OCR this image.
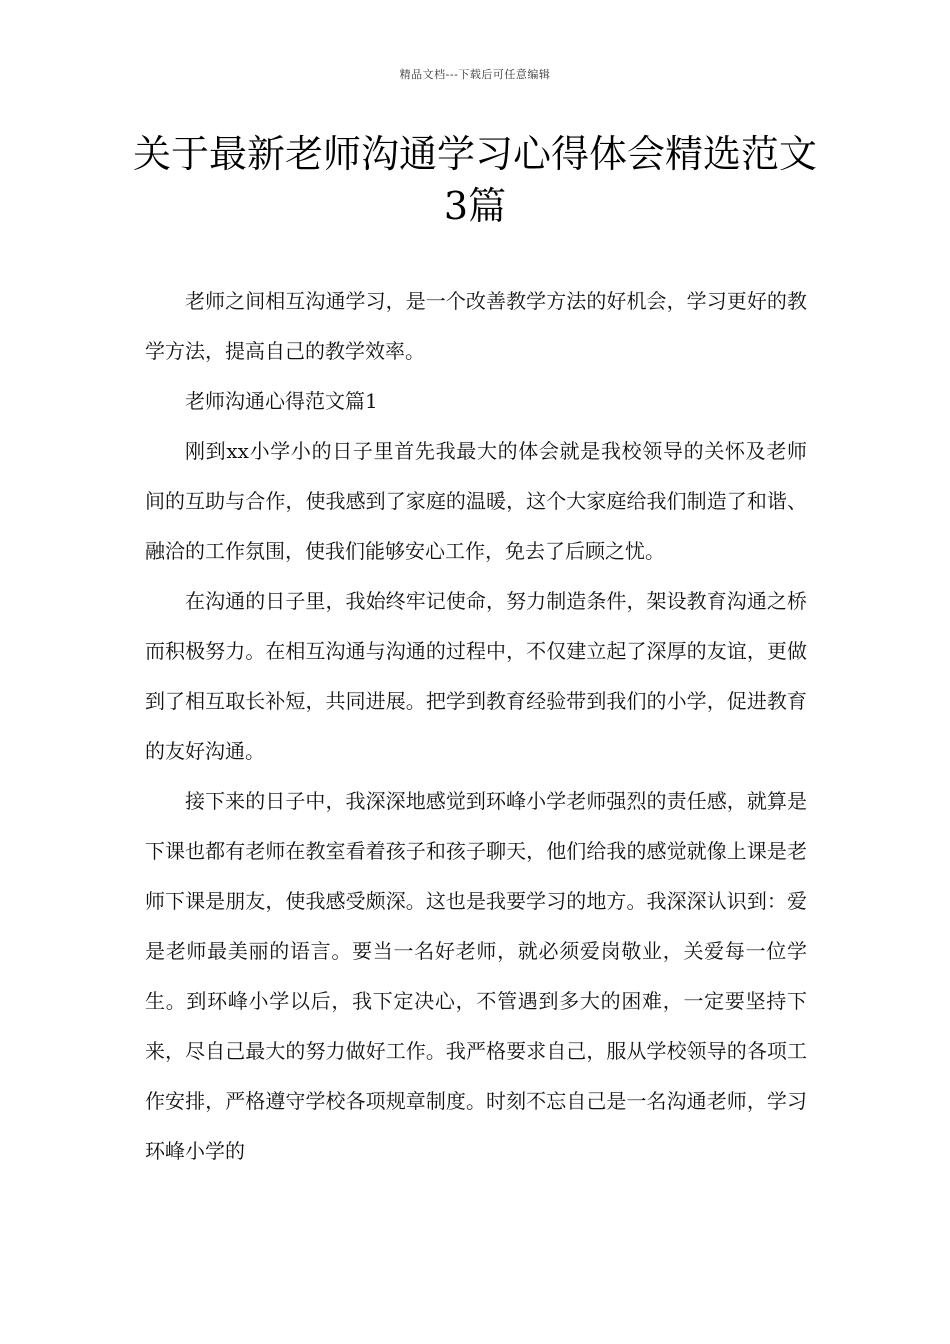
精品文档---下载后可任意编辑
关于最新老师沟通学习心得体会精选范文3篇

老师之间相互沟通学习，是一个改善教学方法的好机会，学习更好的教学方法，提高自己的教学效率。

老师沟通心得范文篇1

刚到xx小学小的日子里首先我最大的体会就是我校领导的关怀及老师间的互助与合作，使我感到了家庭的温暖，这个大家庭给我们制造了和谐、融洽的工作氛围，使我们能够安心工作，免去了后顾之忧。

在沟通的日子里，我始终牢记使命，努力制造条件，架设教育沟通之桥而积极努力。在相互沟通与沟通的过程中，不仅建立起了深厚的友谊，更做到了相互取长补短，共同进展。把学到教育经验带到我们的小学，促进教育的友好沟通。

接下来的日子中，我深深地感觉到环峰小学老师强烈的责任感，就算是下课也都有老师在教室看着孩子和孩子聊天，他们给我的感觉就像上课是老师下课是朋友，使我感受颇深。这也是我要学习的地方。我深深认识到：爱是老师最美丽的语言。要当一名好老师，就必须爱岗敬业，关爱每一位学生。到环峰小学以后，我下定决心，不管遇到多大的困难，一定要坚持下来，尽自己最大的努力做好工作。我严格要求自己，服从学校领导的各项工作安排，严格遵守学校各项规章制度。时刻不忘自己是一名沟通老师，学习环峰小学的
